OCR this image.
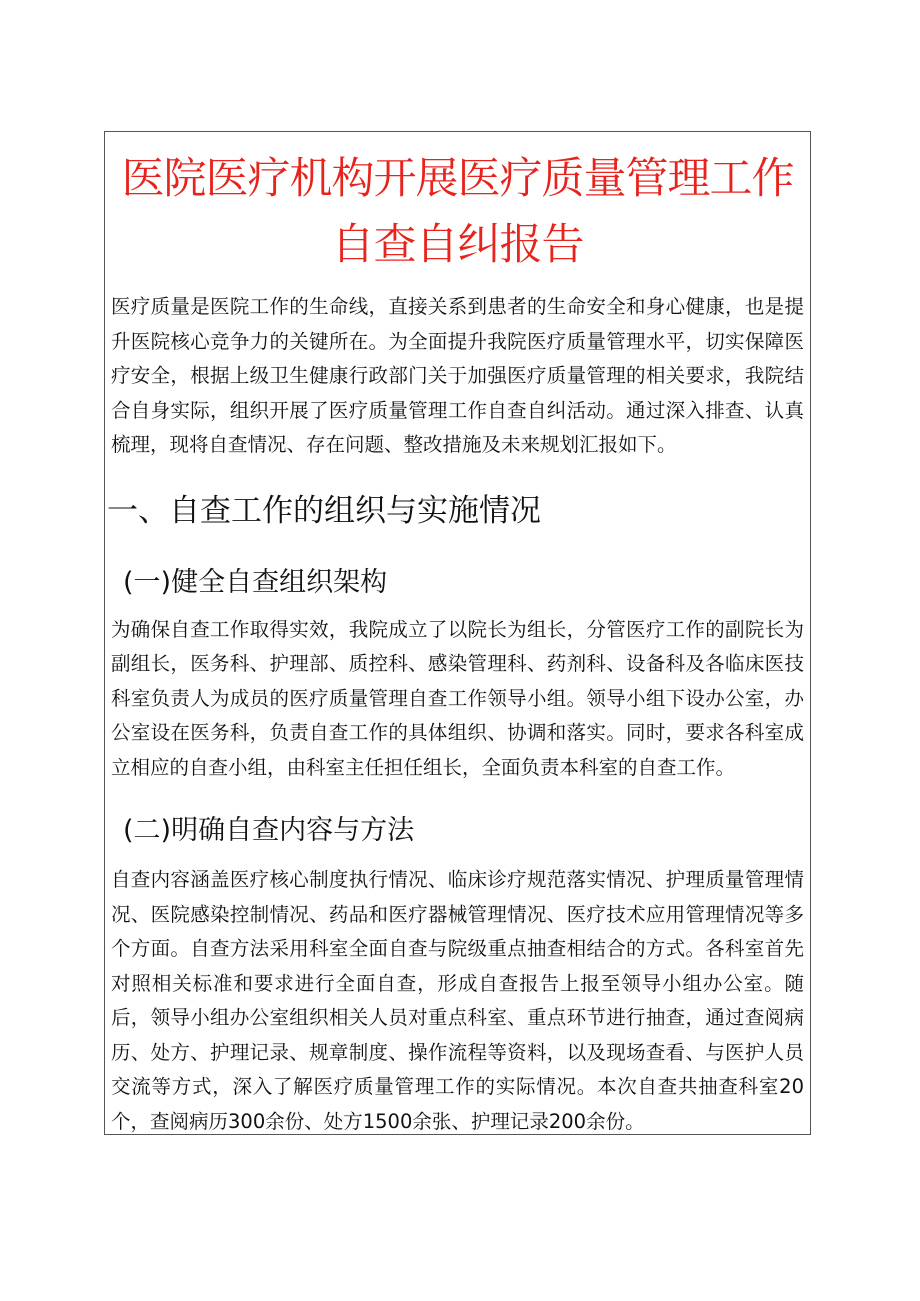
医院医疗机构开展医疗质量管理工作
自查自纠报告

医疗质量是医院工作的生命线，直接关系到患者的生命安全和身心健康，也是提升医院核心竞争力的关键所在。为全面提升我院医疗质量管理水平，切实保障医疗安全，根据上级卫生健康行政部门关于加强医疗质量管理的相关要求，我院结合自身实际，组织开展了医疗质量管理工作自查自纠活动。通过深入排查、认真梳理，现将自查情况、存在问题、整改措施及未来规划汇报如下。

一、自查工作的组织与实施情况
(一)健全自查组织架构

为确保自查工作取得实效，我院成立了以院长为组长，分管医疗工作的副院长为副组长，医务科、护理部、质控科、感染管理科、药剂科、设备科及各临床医技科室负责人为成员的医疗质量管理自查工作领导小组。领导小组下设办公室，办公室设在医务科，负责自查工作的具体组织、协调和落实。同时，要求各科室成立相应的自查小组，由科室主任担任组长，全面负责本科室的自查工作。

(二)明确自查内容与方法

自查内容涵盖医疗核心制度执行情况、临床诊疗规范落实情况、护理质量管理情况、医院感染控制情况、药品和医疗器械管理情况、医疗技术应用管理情况等多个方面。自查方法采用科室全面自查与院级重点抽查相结合的方式。各科室首先对照相关标准和要求进行全面自查，形成自查报告上报至领导小组办公室。随后，领导小组办公室组织相关人员对重点科室、重点环节进行抽查，通过查阅病历、处方、护理记录、规章制度、操作流程等资料，以及现场查看、与医护人员交流等方式，深入了解医疗质量管理工作的实际情况。本次自查共抽查科室20个，查阅病历300余份、处方1500余张、护理记录200余份。
